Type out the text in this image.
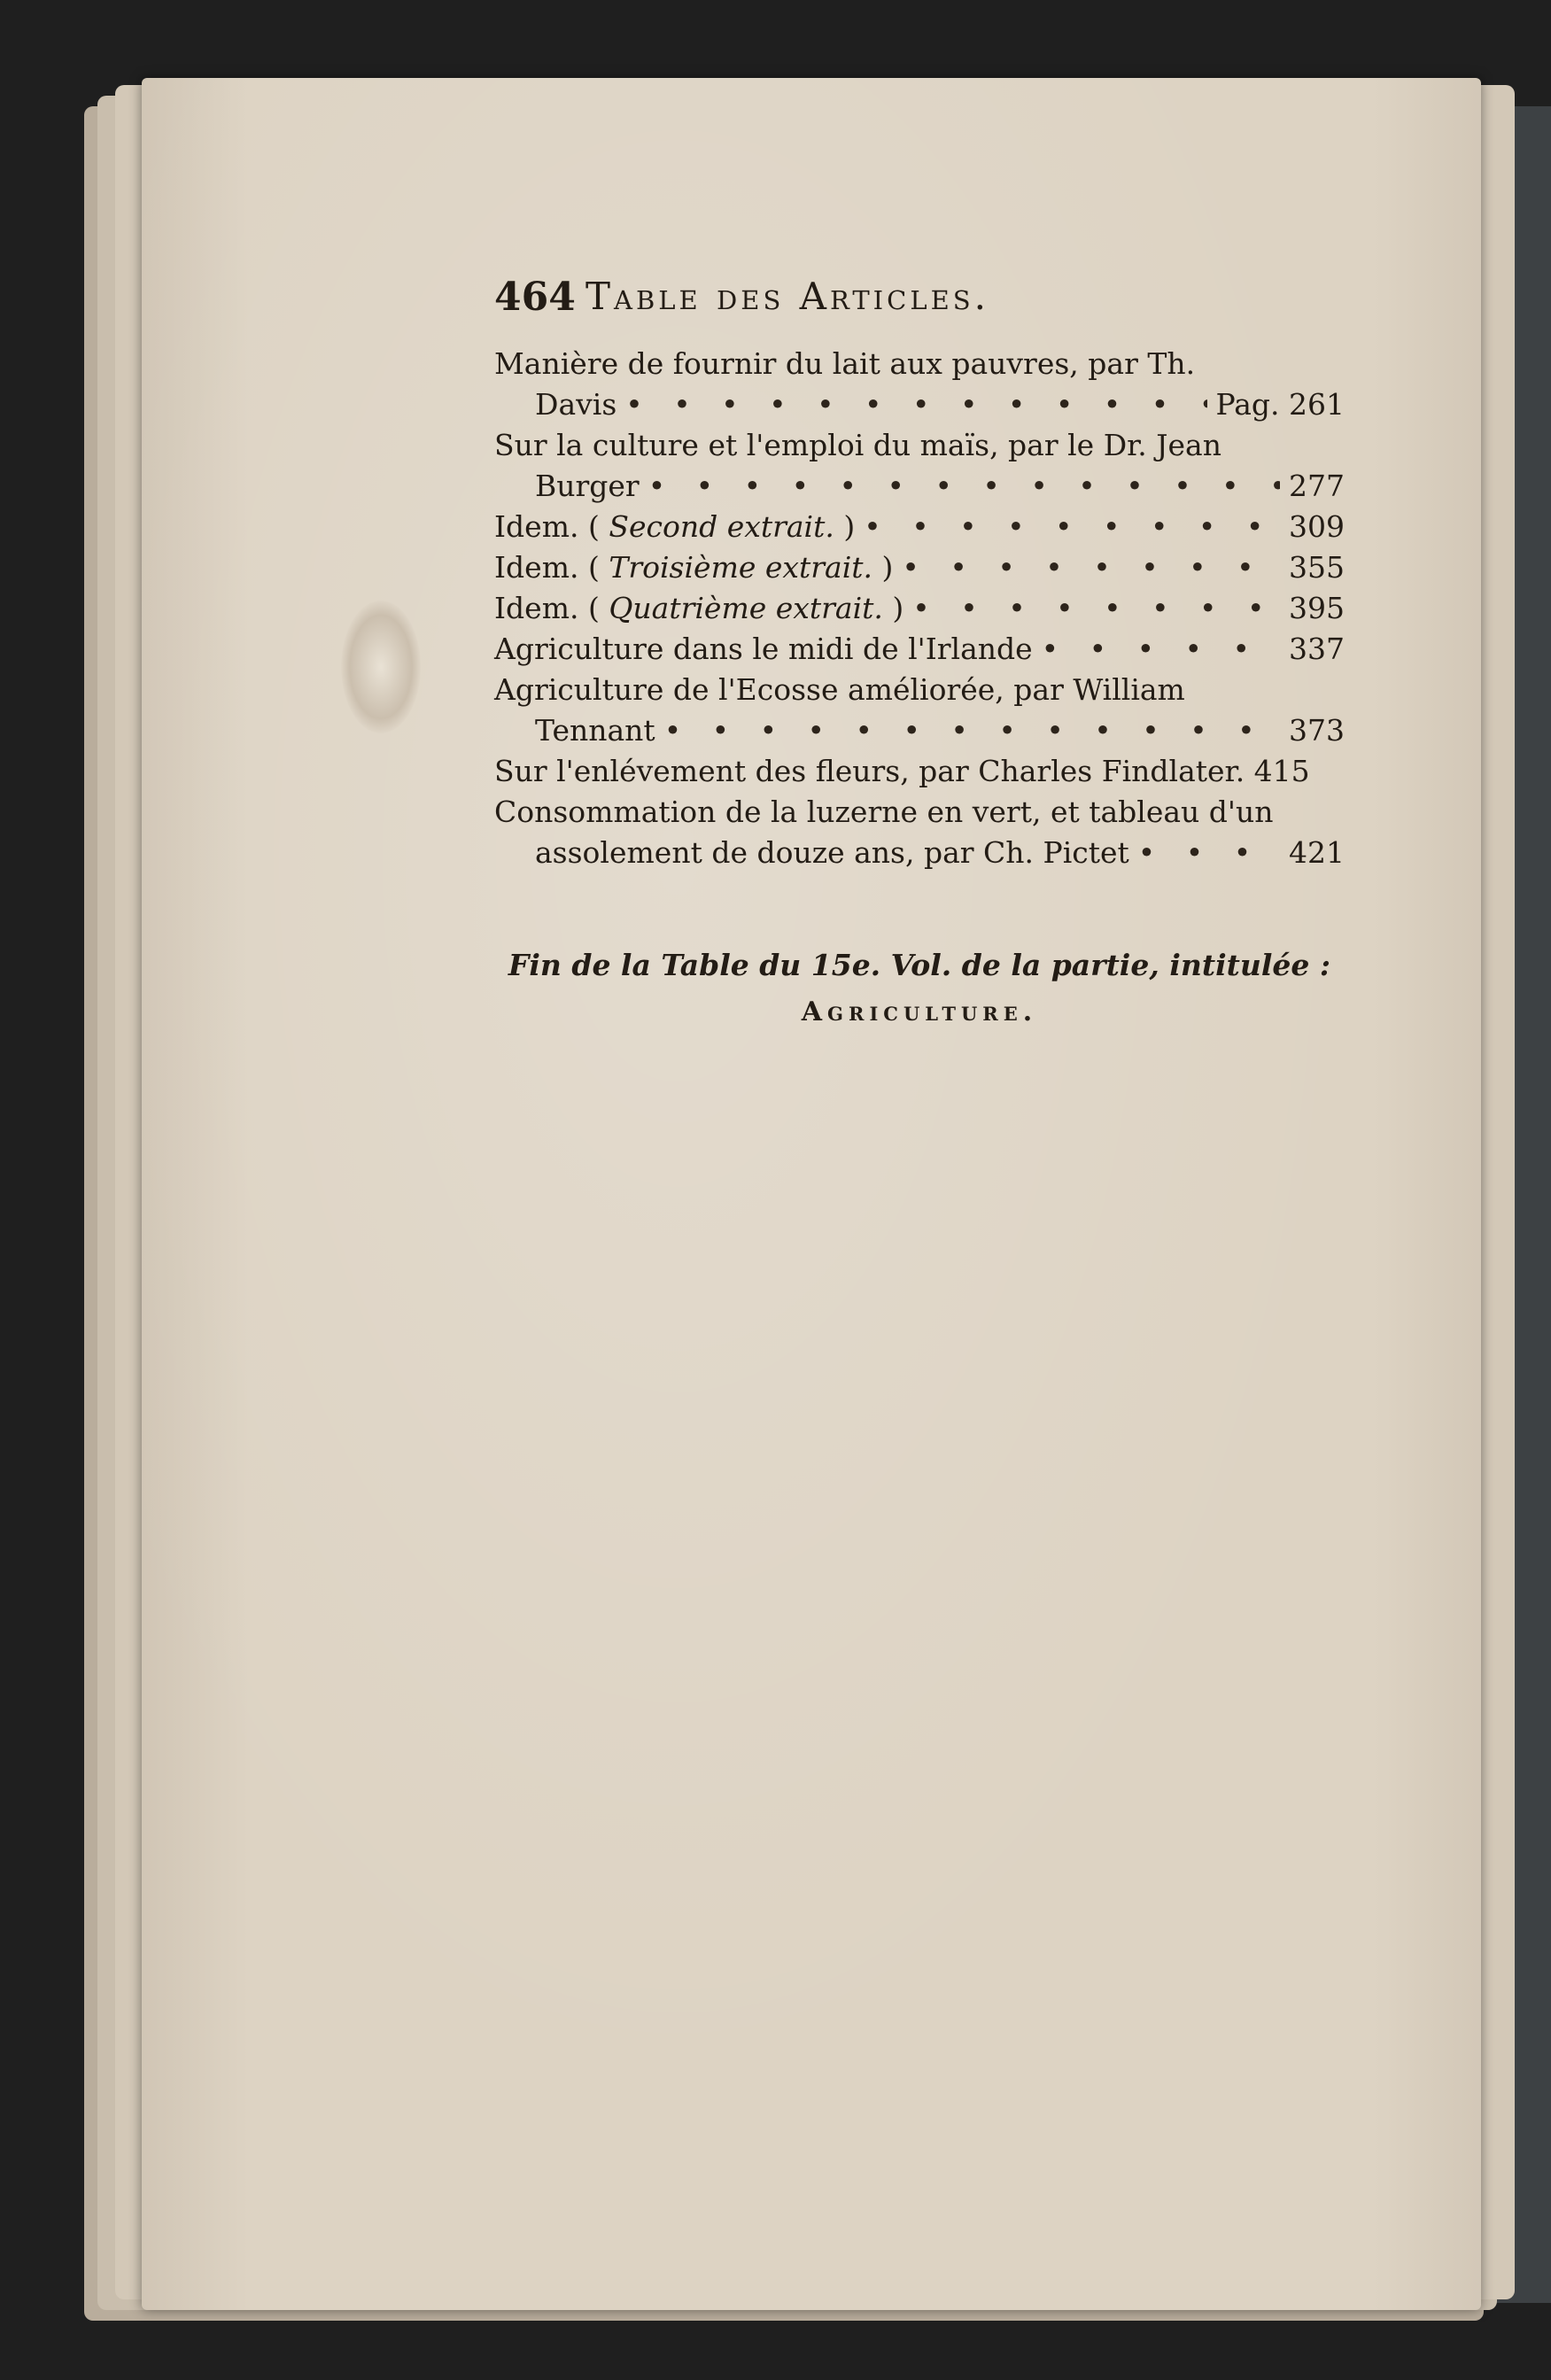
464 Table des Articles.
Manière de fournir du lait aux pauvres, par Th.
Davis • • •	Pag. 261
Sur la culture et l'emploi du maïs, par le Dr. Jean
Burger • • •	277
Idem. (
Second extrait.
) • • •	309
Idem. (
Troisième extrait.
) • • •	355
Idem. (
Quatrième extrait.
) • • •	395
Agriculture dans le midi de l'Irlande • • •	337
Agriculture de l'Ecosse améliorée, par William
Tennant • • •	373
Sur l'enlévement des fleurs, par Charles Findlater. 415
Consommation de la luzerne en vert, et tableau d'un
assolement de douze ans, par Ch. Pictet • • •	421
Fin de la Table du 15e. Vol. de la partie, intitulée :
Agriculture.
